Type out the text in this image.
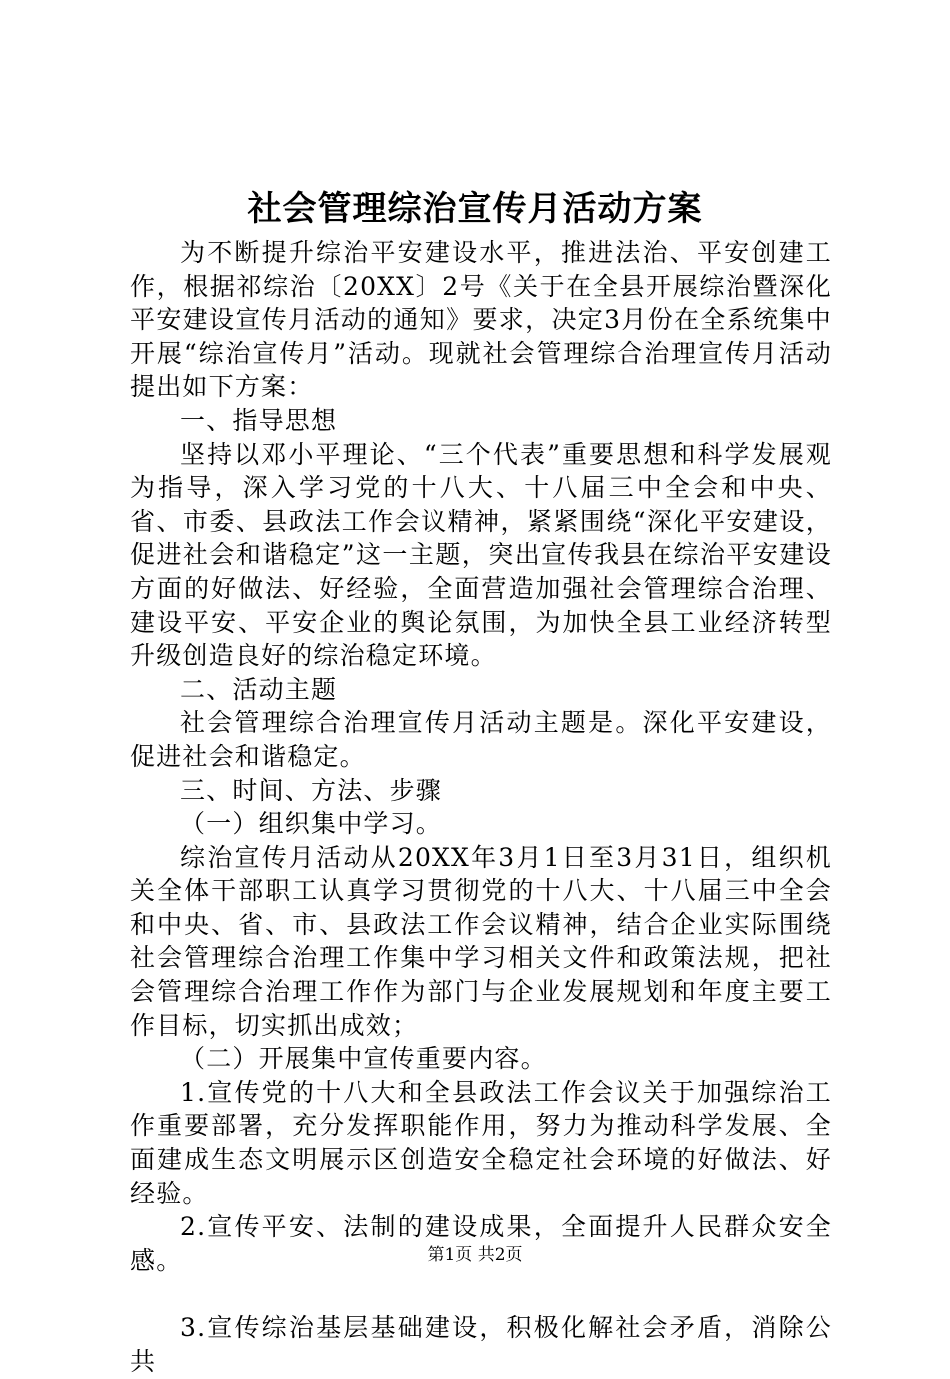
社会管理综治宣传月活动方案

为不断提升综治平安建设水平，推进法治、平安创建工作，根据祁综治〔20XX〕2号《关于在全县开展综治暨深化平安建设宣传月活动的通知》要求，决定3月份在全系统集中开展“综治宣传月”活动。现就社会管理综合治理宣传月活动提出如下方案：

一、指导思想

坚持以邓小平理论、“三个代表”重要思想和科学发展观为指导，深入学习党的十八大、十八届三中全会和中央、省、市委、县政法工作会议精神，紧紧围绕“深化平安建设，促进社会和谐稳定”这一主题，突出宣传我县在综治平安建设方面的好做法、好经验，全面营造加强社会管理综合治理、建设平安、平安企业的舆论氛围，为加快全县工业经济转型升级创造良好的综治稳定环境。

二、活动主题

社会管理综合治理宣传月活动主题是。深化平安建设，促进社会和谐稳定。

三、时间、方法、步骤

（一）组织集中学习。

综治宣传月活动从20XX年3月1日至3月31日，组织机关全体干部职工认真学习贯彻党的十八大、十八届三中全会和中央、省、市、县政法工作会议精神，结合企业实际围绕社会管理综合治理工作集中学习相关文件和政策法规，把社会管理综合治理工作作为部门与企业发展规划和年度主要工作目标，切实抓出成效；

（二）开展集中宣传重要内容。

1.宣传党的十八大和全县政法工作会议关于加强综治工作重要部署，充分发挥职能作用，努力为推动科学发展、全面建成生态文明展示区创造安全稳定社会环境的好做法、好经验。

2.宣传平安、法制的建设成果，全面提升人民群众安全感。

3.宣传综治基层基础建设，积极化解社会矛盾，消除公共

第1页 共2页
